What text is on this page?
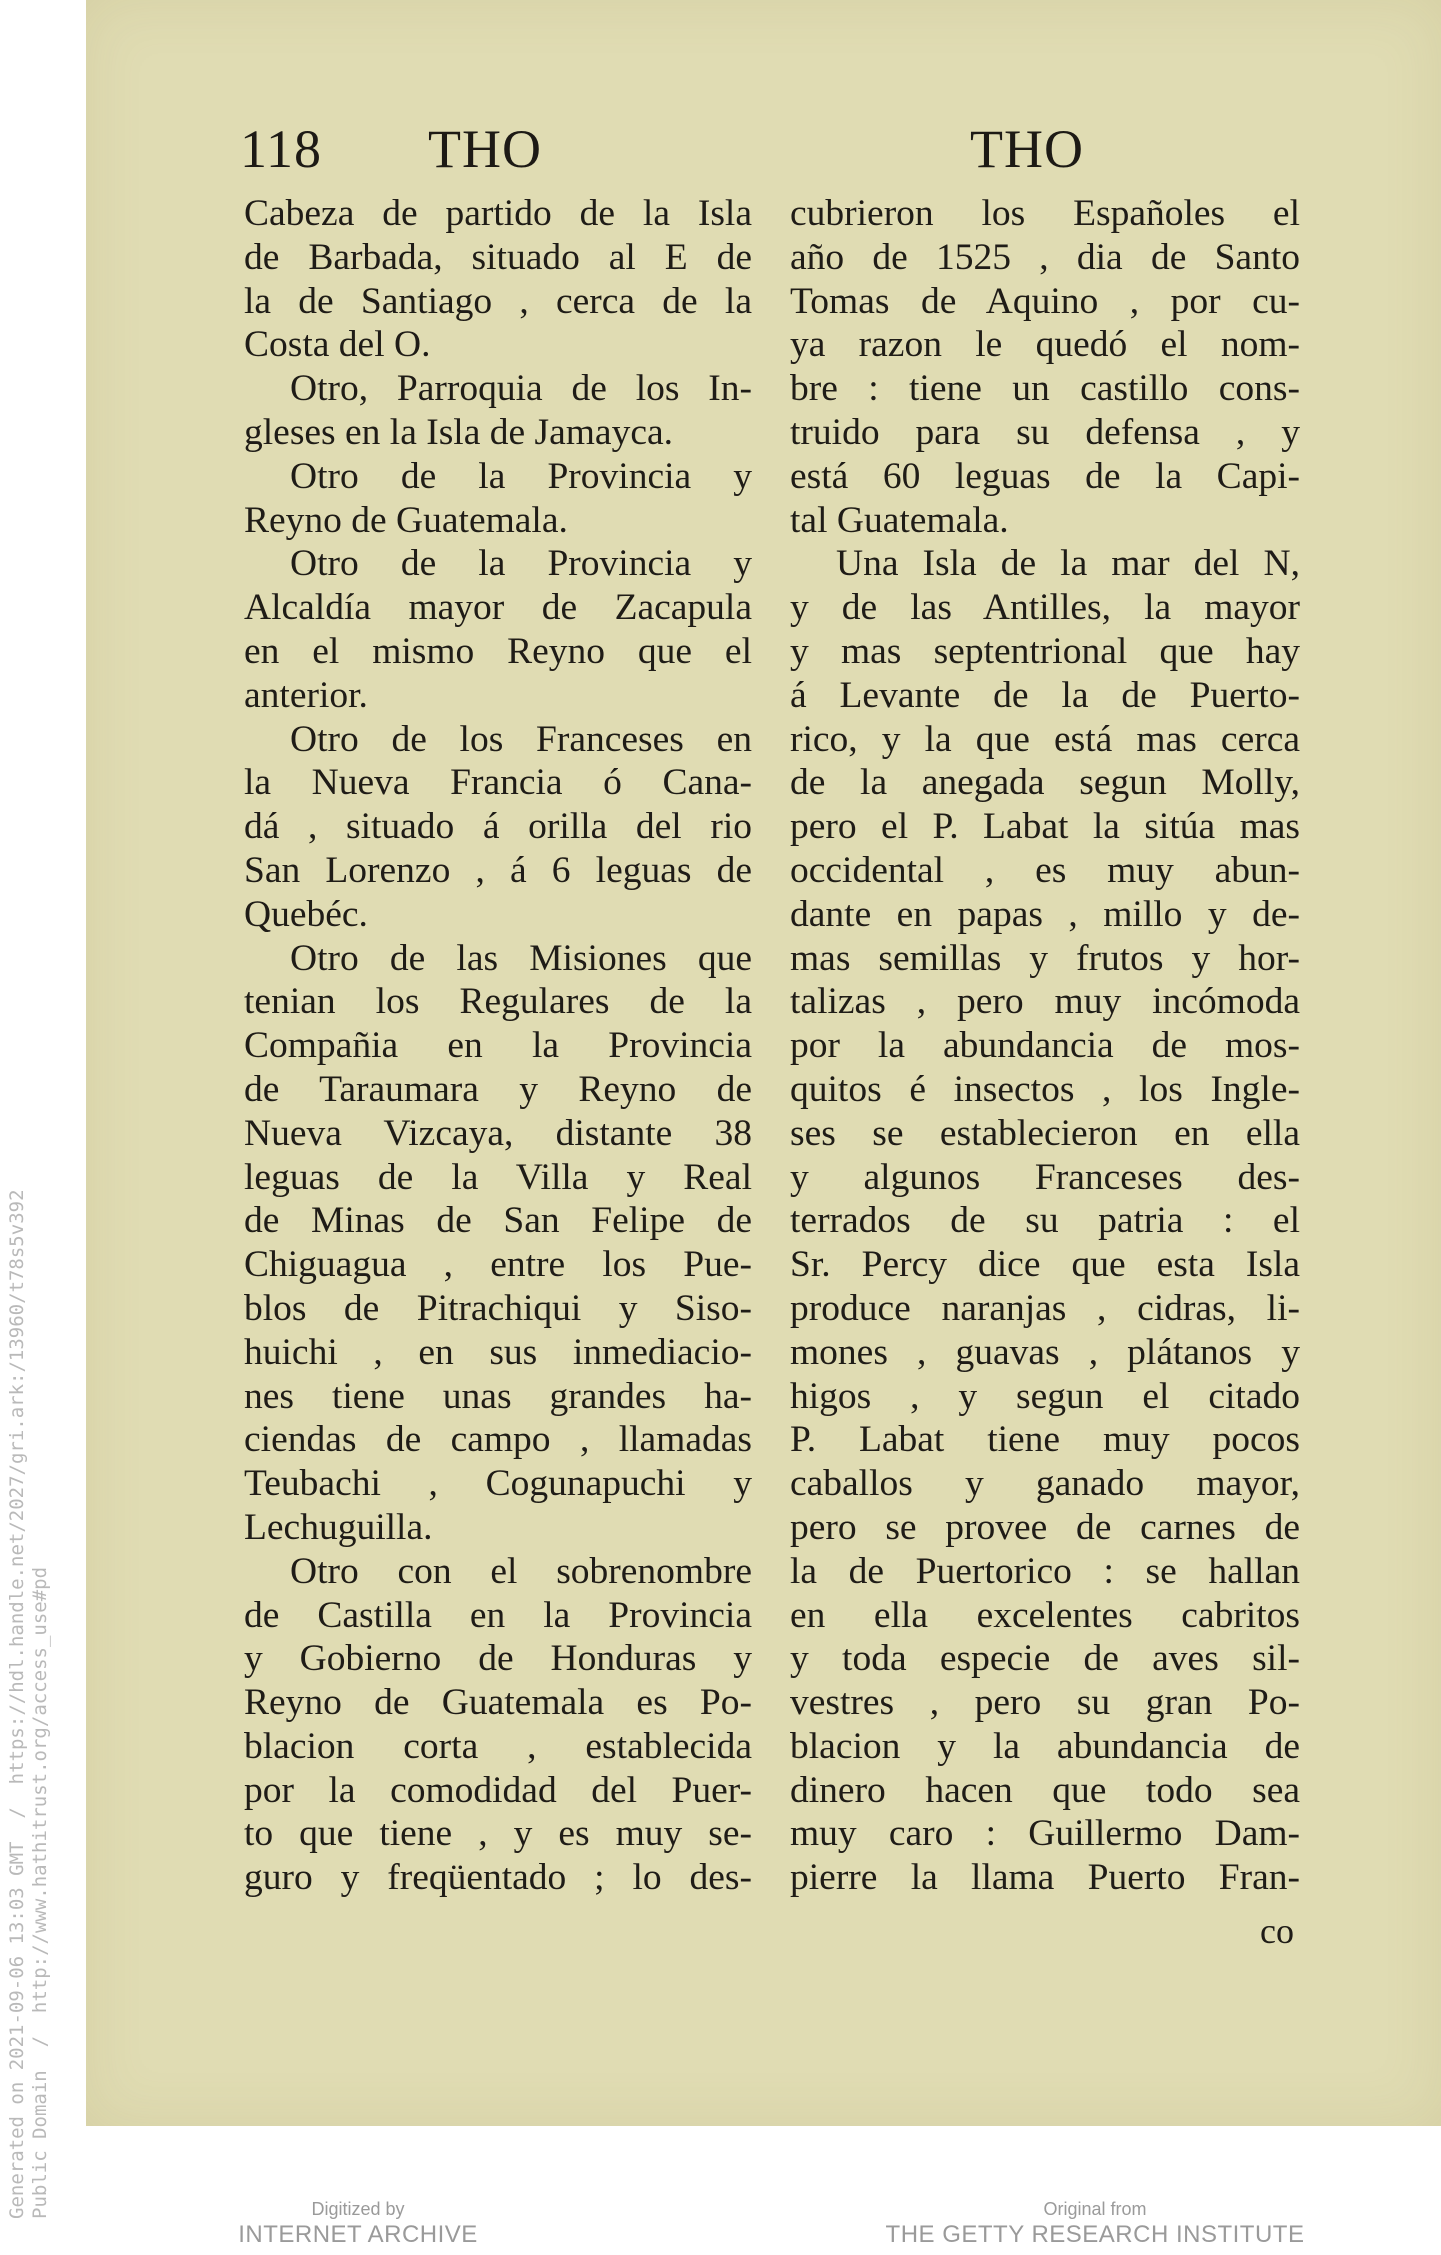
Generated on 2021-09-06 13:03 GMT  /  https://hdl.handle.net/2027/gri.ark:/13960/t78s5v392 Public Domain  /  http://www.hathitrust.org/access_use#pd
118 THO	THO
Cabeza de partido de la Isla
de Barbada, situado al E de
la de Santiago , cerca de la
Costa del O.
Otro, Parroquia de los In-
gleses en la Isla de Jamayca.
Otro de la Provincia y
Reyno de Guatemala.
Otro de la Provincia y
Alcaldía mayor de Zacapula
en el mismo Reyno que el
anterior.
Otro de los Franceses en
la Nueva Francia ó Cana-
dá , situado á orilla del rio
San Lorenzo , á 6 leguas de
Quebéc.
Otro de las Misiones que
tenian los Regulares de la
Compañia en la Provincia
de Taraumara y Reyno de
Nueva Vizcaya, distante 38
leguas de la Villa y Real
de Minas de San Felipe de
Chiguagua , entre los Pue-
blos de Pitrachiqui y Siso-
huichi , en sus inmediacio-
nes tiene unas grandes ha-
ciendas de campo , llamadas
Teubachi , Cogunapuchi y
Lechuguilla.
Otro con el sobrenombre
de Castilla en la Provincia
y Gobierno de Honduras y
Reyno de Guatemala es Po-
blacion corta , establecida
por la comodidad del Puer-
to que tiene , y es muy se-
guro y freqüentado ; lo des-
cubrieron los Españoles el
año de 1525 , dia de Santo
Tomas de Aquino , por cu-
ya razon le quedó el nom-
bre : tiene un castillo cons-
truido para su defensa , y
está 60 leguas de la Capi-
tal Guatemala.
Una Isla de la mar del N,
y de las Antilles, la mayor
y mas septentrional que hay
á Levante de la de Puerto-
rico, y la que está mas cerca
de la anegada segun Molly,
pero el P. Labat la sitúa mas
occidental , es muy abun-
dante en papas , millo y de-
mas semillas y frutos y hor-
talizas , pero muy incómoda
por la abundancia de mos-
quitos é insectos , los Ingle-
ses se establecieron en ella
y algunos Franceses des-
terrados de su patria : el
Sr. Percy dice que esta Isla
produce naranjas , cidras, li-
mones , guavas , plátanos y
higos , y segun el citado
P. Labat tiene muy pocos
caballos y ganado mayor,
pero se provee de carnes de
la de Puertorico : se hallan
en ella excelentes cabritos
y toda especie de aves sil-
vestres , pero su gran Po-
blacion y la abundancia de
dinero hacen que todo sea
muy caro : Guillermo Dam-
pierre la llama Puerto Fran-
co
Digitized by
INTERNET ARCHIVE
Original from
THE GETTY RESEARCH INSTITUTE
